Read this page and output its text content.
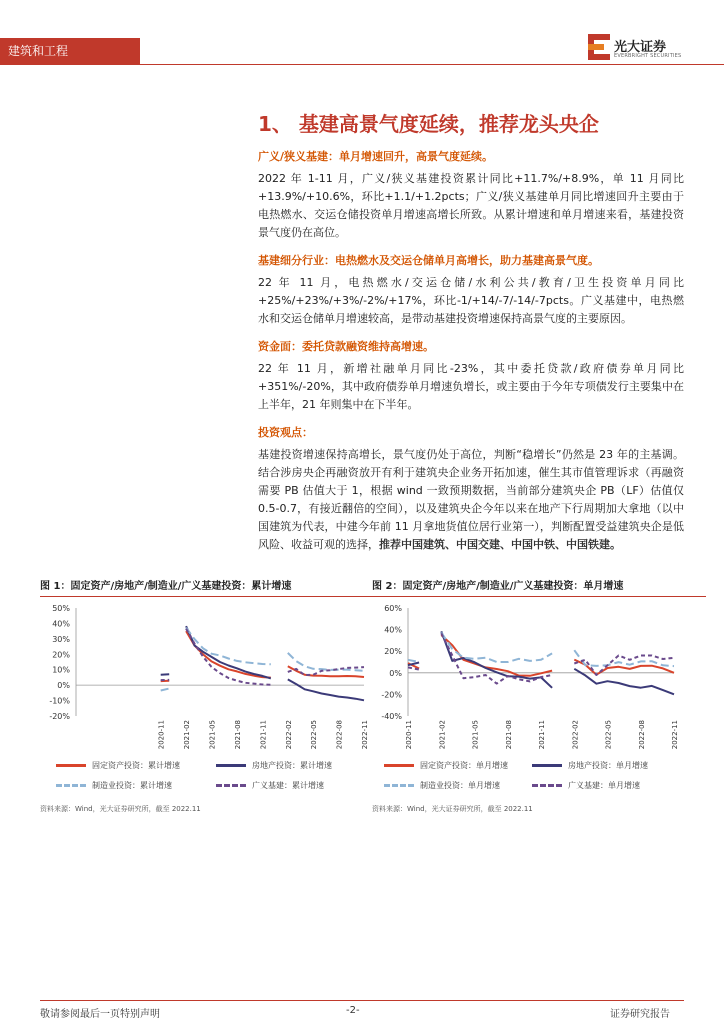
建筑和工程	光大证券
EVERBRIGHT SECURITIES
1、 基建高景气度延续，推荐龙头央企
广义/狭义基建：单月增速回升，高景气度延续。
2022 年 1-11 月，广义/狭义基建投资累计同比+11.7%/+8.9%，单 11 月同比+13.9%/+10.6%，环比+1.1/+1.2pcts；广义/狭义基建单月同比增速回升主要由于电热燃水、交运仓储投资单月增速高增长所致。从累计增速和单月增速来看，基建投资景气度仍在高位。
基建细分行业：电热燃水及交运仓储单月高增长，助力基建高景气度。
22 年 11 月，电热燃水/交运仓储/水利公共/教育/卫生投资单月同比+25%/+23%/+3%/-2%/+17%，环比-1/+14/-7/-14/-7pcts。广义基建中，电热燃水和交运仓储单月增速较高，是带动基建投资增速保持高景气度的主要原因。
资金面：委托贷款融资维持高增速。
22 年 11 月，新增社融单月同比-23%，其中委托贷款/政府债券单月同比+351%/-20%，其中政府债券单月增速负增长，或主要由于今年专项债发行主要集中在上半年，21 年则集中在下半年。
投资观点：
基建投资增速保持高增长，景气度仍处于高位，判断“稳增长”仍然是 23 年的主基调。结合涉房央企再融资放开有利于建筑央企业务开拓加速，催生其市值管理诉求（再融资需要 PB 估值大于 1，根据 wind 一致预期数据，当前部分建筑央企 PB（LF）估值仅 0.5-0.7，有接近翻倍的空间），以及建筑央企今年以来在地产下行周期加大拿地（以中国建筑为代表，中建今年前 11 月拿地货值位居行业第一），判断配置受益建筑央企是低风险、收益可观的选择，推荐中国建筑、中国交建、中国中铁、中国铁建。
图 1：固定资产/房地产/制造业/广义基建投资：累计增速
50%
40%
30%
20%
10%
0%
-10%
-20%
2020-11 2021-02 2021-05 2021-08 2021-11 2022-02 2022-05 2022-08 2022-11
固定资产投资：累计增速	房地产投资：累计增速
制造业投资：累计增速	广义基建：累计增速
资料来源：Wind，光大证券研究所，截至 2022.11
图 2：固定资产/房地产/制造业/广义基建投资：单月增速
60%
40%
20%
0%
-20%
-40%
2020-11	2021-02	2021-05	2021-08	2021-11	2022-02	2022-05	2022-08	2022-11
固定资产投资：单月增速	房地产投资：单月增速
制造业投资：单月增速	广义基建：单月增速
资料来源：Wind，光大证券研究所，截至 2022.11
敬请参阅最后一页特别声明	-2-	证券研究报告
